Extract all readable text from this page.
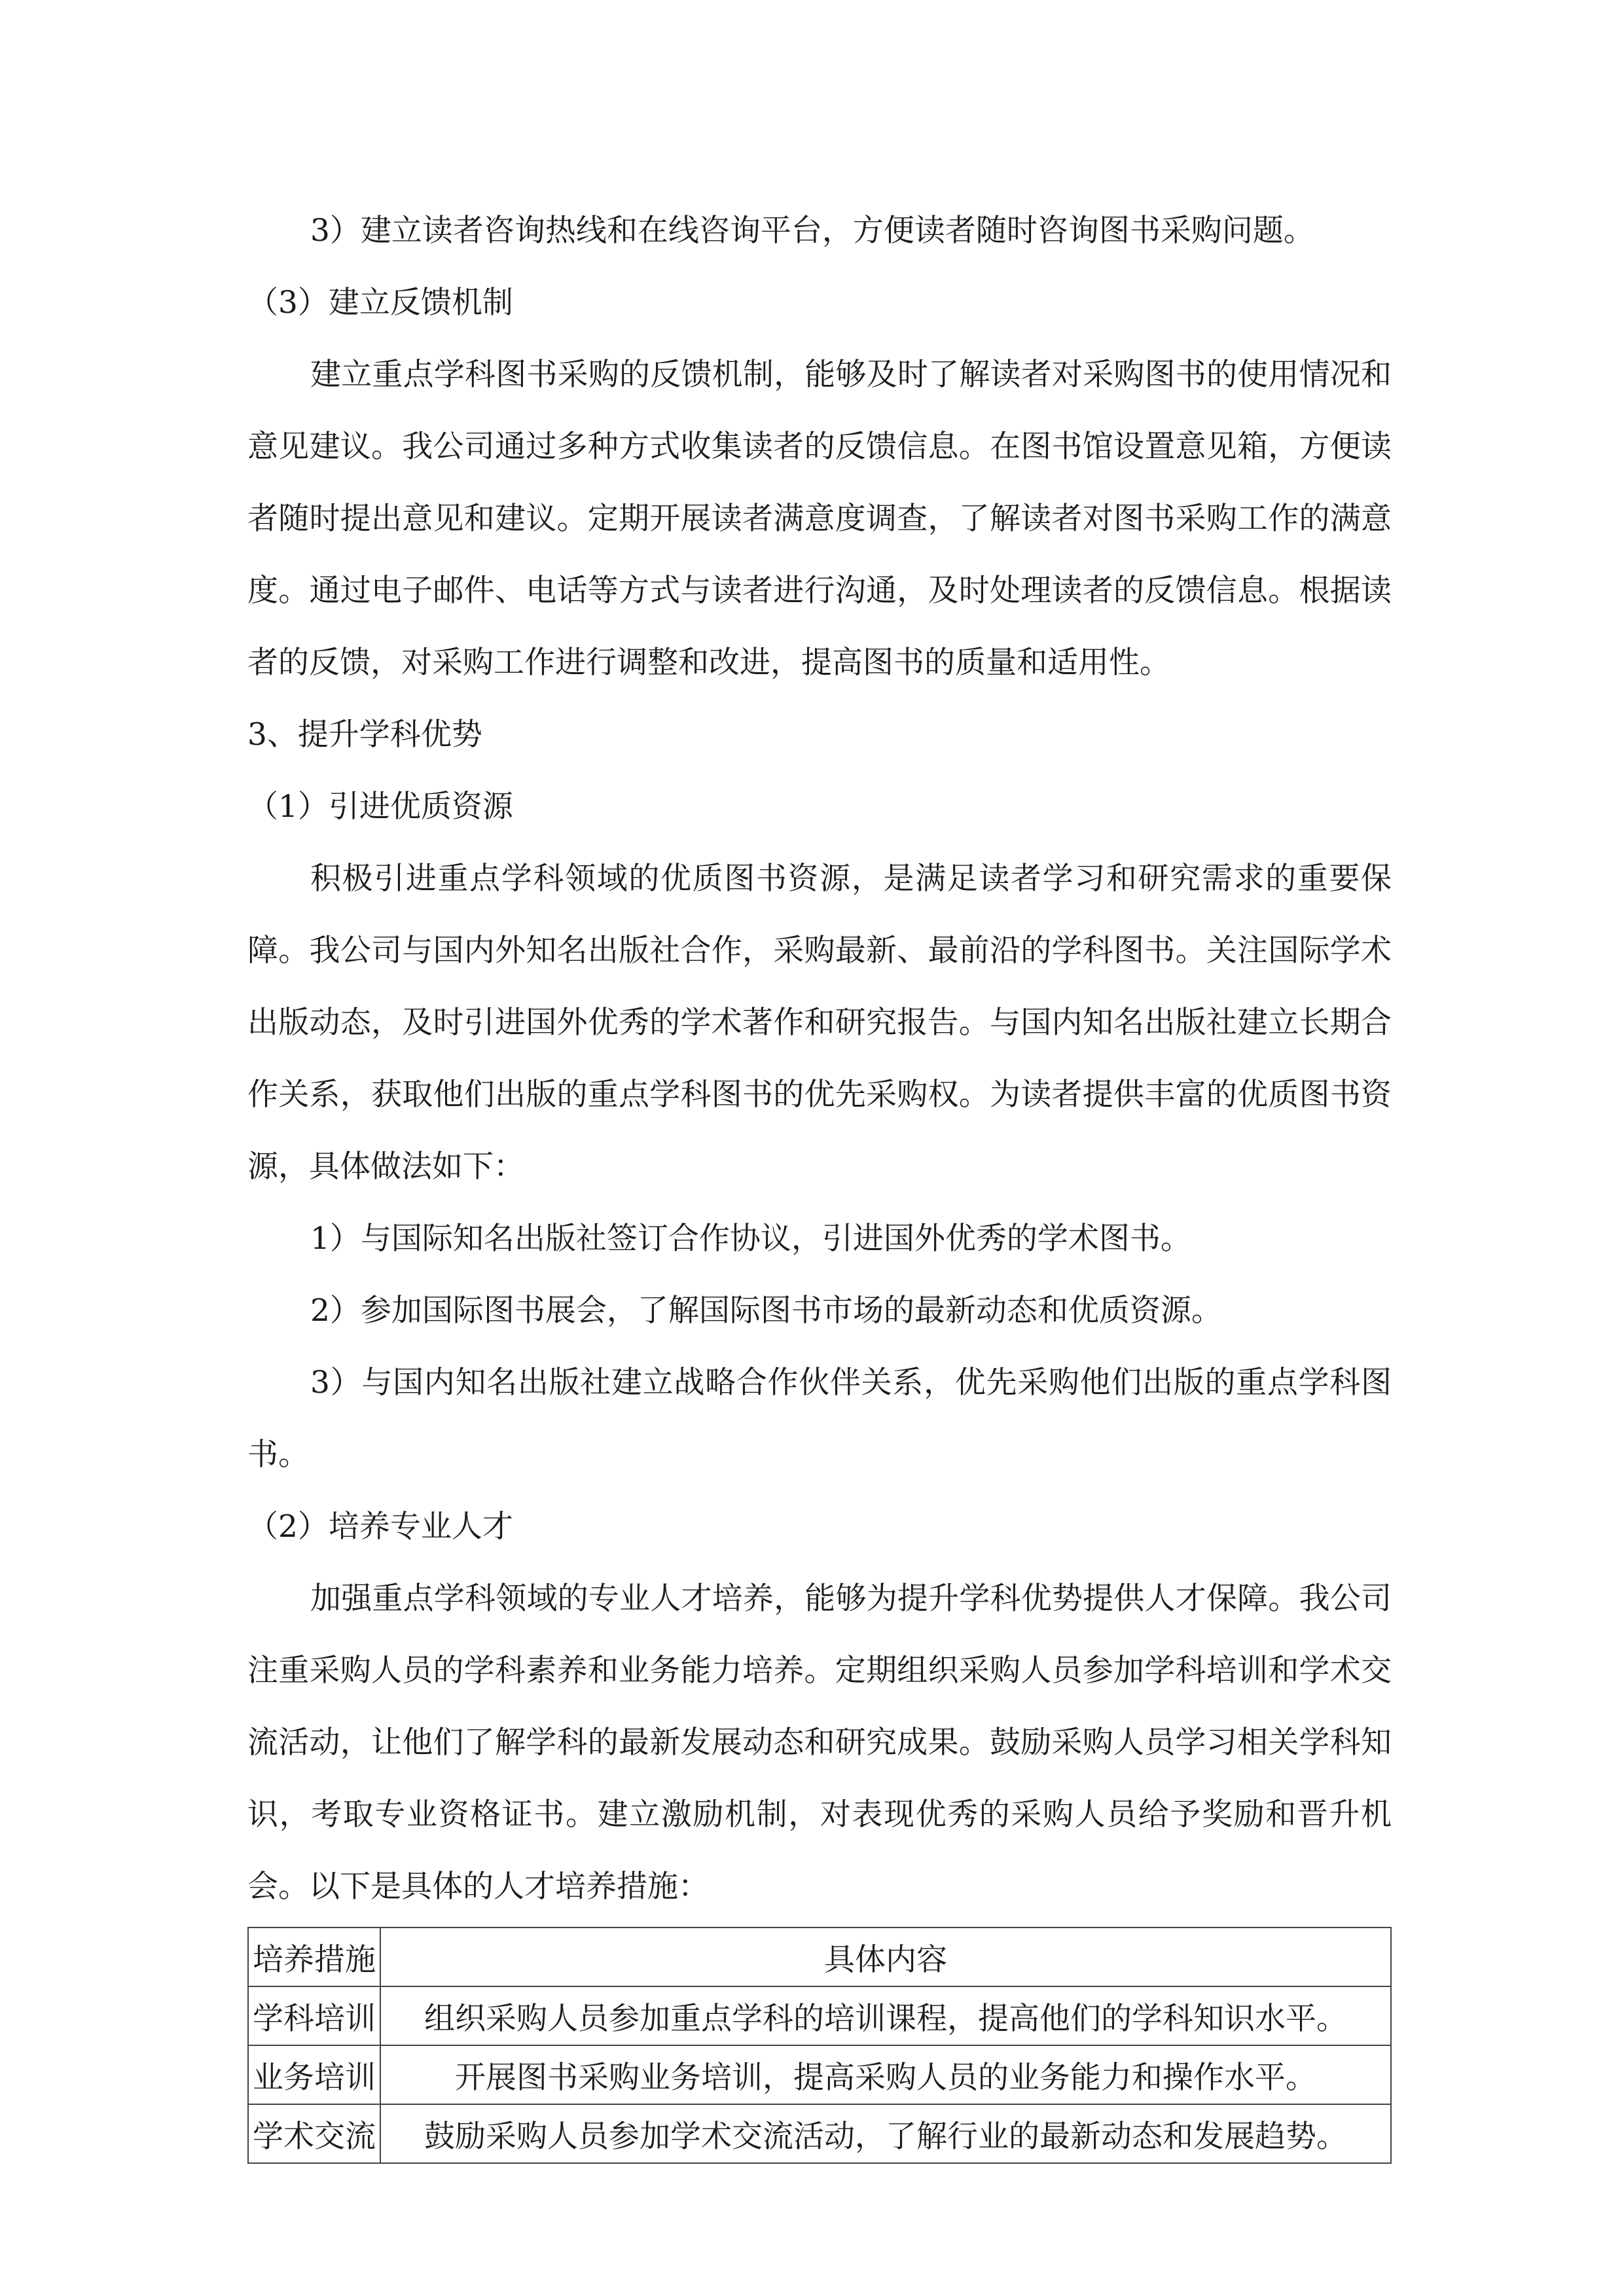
3）建立读者咨询热线和在线咨询平台，方便读者随时咨询图书采购问题。

（3）建立反馈机制

建立重点学科图书采购的反馈机制，能够及时了解读者对采购图书的使用情况和意见建议。我公司通过多种方式收集读者的反馈信息。在图书馆设置意见箱，方便读者随时提出意见和建议。定期开展读者满意度调查，了解读者对图书采购工作的满意度。通过电子邮件、电话等方式与读者进行沟通，及时处理读者的反馈信息。根据读者的反馈，对采购工作进行调整和改进，提高图书的质量和适用性。

3、提升学科优势

（1）引进优质资源

积极引进重点学科领域的优质图书资源，是满足读者学习和研究需求的重要保障。我公司与国内外知名出版社合作，采购最新、最前沿的学科图书。关注国际学术出版动态，及时引进国外优秀的学术著作和研究报告。与国内知名出版社建立长期合作关系，获取他们出版的重点学科图书的优先采购权。为读者提供丰富的优质图书资源，具体做法如下：

1）与国际知名出版社签订合作协议，引进国外优秀的学术图书。

2）参加国际图书展会，了解国际图书市场的最新动态和优质资源。

3）与国内知名出版社建立战略合作伙伴关系，优先采购他们出版的重点学科图书。

（2）培养专业人才

加强重点学科领域的专业人才培养，能够为提升学科优势提供人才保障。我公司注重采购人员的学科素养和业务能力培养。定期组织采购人员参加学科培训和学术交流活动，让他们了解学科的最新发展动态和研究成果。鼓励采购人员学习相关学科知识，考取专业资格证书。建立激励机制，对表现优秀的采购人员给予奖励和晋升机会。以下是具体的人才培养措施：

培养措施	具体内容
学科培训	组织采购人员参加重点学科的培训课程，提高他们的学科知识水平。
业务培训	开展图书采购业务培训，提高采购人员的业务能力和操作水平。
学术交流	鼓励采购人员参加学术交流活动，了解行业的最新动态和发展趋势。
